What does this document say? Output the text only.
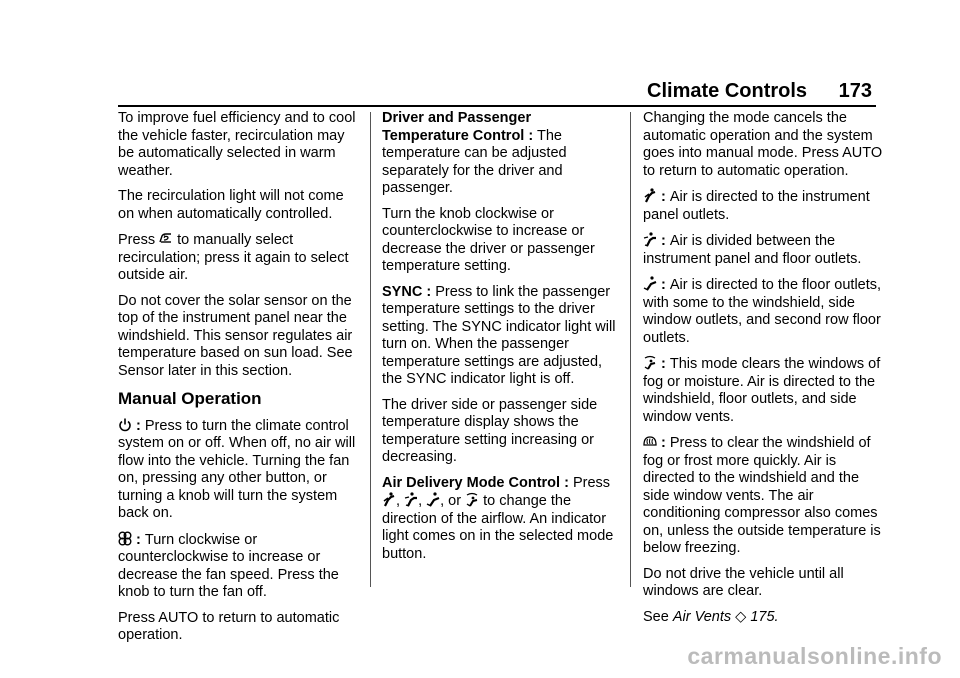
Climate Controls 173

To improve fuel efficiency and to cool the vehicle faster, recirculation may be automatically selected in warm weather.

The recirculation light will not come on when automatically controlled.

Press to manually select recirculation; press it again to select outside air.

Do not cover the solar sensor on the top of the instrument panel near the windshield. This sensor regulates air temperature based on sun load. See Sensor later in this section.

Manual Operation

: Press to turn the climate control system on or off. When off, no air will flow into the vehicle. Turning the fan on, pressing any other button, or turning a knob will turn the system back on.

: Turn clockwise or counterclockwise to increase or decrease the fan speed. Press the knob to turn the fan off.

Press AUTO to return to automatic operation.

Driver and Passenger Temperature Control : The temperature can be adjusted separately for the driver and passenger.

Turn the knob clockwise or counterclockwise to increase or decrease the driver or passenger temperature setting.

SYNC : Press to link the passenger temperature settings to the driver setting. The SYNC indicator light will turn on. When the passenger temperature settings are adjusted, the SYNC indicator light is off.

The driver side or passenger side temperature display shows the temperature setting increasing or decreasing.

Air Delivery Mode Control : Press
, , , or to change the direction of the airflow. An indicator light comes on in the selected mode button.

Changing the mode cancels the automatic operation and the system goes into manual mode. Press AUTO to return to automatic operation.

: Air is directed to the instrument panel outlets.

: Air is divided between the instrument panel and floor outlets.

: Air is directed to the floor outlets, with some to the windshield, side window outlets, and second row floor outlets.

: This mode clears the windows of fog or moisture. Air is directed to the windshield, floor outlets, and side window vents.

: Press to clear the windshield of fog or frost more quickly. Air is directed to the windshield and the side window vents. The air conditioning compressor also comes on, unless the outside temperature is below freezing.

Do not drive the vehicle until all windows are clear.

See Air Vents ◇ 175.

carmanualsonline.info
